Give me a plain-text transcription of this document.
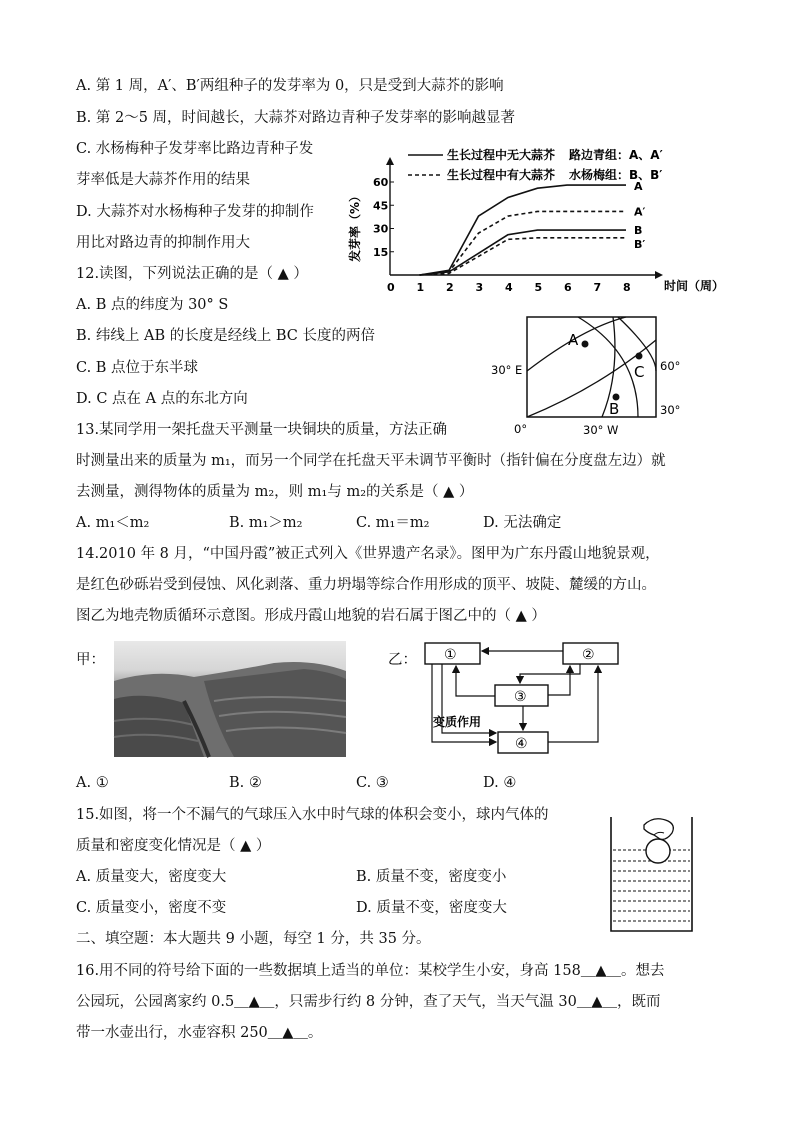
A. 第 1 周，A′、B′两组种子的发芽率为 0，只是受到大蒜芥的影响
B. 第 2～5 周，时间越长，大蒜芥对路边青种子发芽率的影响越显著
C. 水杨梅种子发芽率比路边青种子发
芽率低是大蒜芥作用的结果
D. 大蒜芥对水杨梅种子发芽的抑制作
用比对路边青的抑制作用大
生长过程中无大蒜芥
生长过程中有大蒜芥
路边青组：A、A′
水杨梅组：B、B′
发芽率（%）
时间（周）
0 1 2 3 4 5 6 7 8
15
30
45
60	A
A′
B
B′
12.读图，下列说法正确的是（ ▲ ）
A. B 点的纬度为 30° S
B. 纬线上 AB 的长度是经线上 BC 长度的两倍
C. B 点位于东半球
D. C 点在 A 点的东北方向
A
B
C
30° E	60°
30°
0°	30° W
13.某同学用一架托盘天平测量一块铜块的质量，方法正确
时测量出来的质量为 m₁，而另一个同学在托盘天平未调节平衡时（指针偏在分度盘左边）就
去测量，测得物体的质量为 m₂，则 m₁与 m₂的关系是（ ▲ ）
A. m₁＜m₂	B. m₁＞m₂	C. m₁＝m₂	D. 无法确定
14.2010 年 8 月，“中国丹霞”被正式列入《世界遗产名录》。图甲为广东丹霞山地貌景观，
是红色砂砾岩受到侵蚀、风化剥落、重力坍塌等综合作用形成的顶平、坡陡、麓缓的方山。
图乙为地壳物质循环示意图。形成丹霞山地貌的岩石属于图乙中的（ ▲ ）
甲：	乙： ①	②
③
④
变质作用
A. ①	B. ②	C. ③	D. ④
15.如图，将一个不漏气的气球压入水中时气球的体积会变小，球内气体的
质量和密度变化情况是（ ▲ ）
A. 质量变大，密度变大	B. 质量不变，密度变小
C. 质量变小，密度不变	D. 质量不变，密度变大
二、填空题：本大题共 9 小题，每空 1 分，共 35 分。
16.用不同的符号给下面的一些数据填上适当的单位：某校学生小安，身高 158＿▲＿。想去
公园玩，公园离家约 0.5＿▲＿，只需步行约 8 分钟，查了天气，当天气温 30＿▲＿，既而
带一水壶出行，水壶容积 250＿▲＿。
